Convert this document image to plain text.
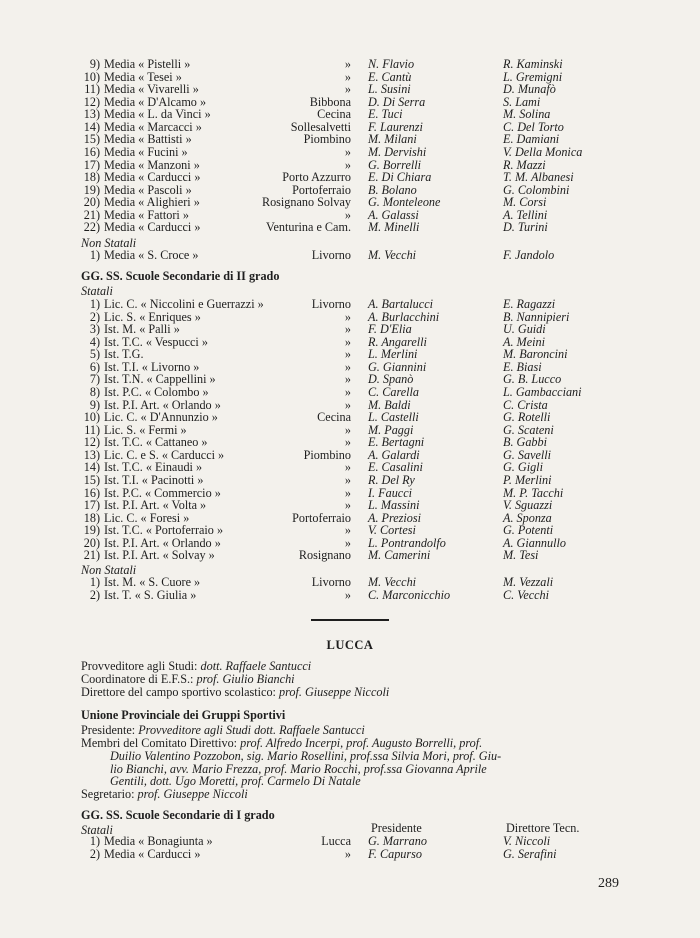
9) Media « Pistelli »	» N. Flavio	R. Kaminski
10) Media « Tesei »	» E. Cantù	L. Gremigni
11) Media « Vivarelli »	» L. Susini	D. Munafò
12) Media « D'Alcamo »	Bibbona D. Di Serra	S. Lami
13) Media « L. da Vinci »	Cecina E. Tuci	M. Solina
14) Media « Marcacci »	Sollesalvetti F. Laurenzi	C. Del Torto
15) Media « Battisti »	Piombino M. Milani	E. Damiani
16) Media « Fucini »	» M. Dervishi	V. Della Monica
17) Media « Manzoni »	» G. Borrelli	R. Mazzi
18) Media « Carducci »	Porto Azzurro E. Di Chiara	T. M. Albanesi
19) Media « Pascoli »	Portoferraio B. Bolano	G. Colombini
20) Media « Alighieri »	Rosignano Solvay G. Monteleone	M. Corsi
21) Media « Fattori »	» A. Galassi	A. Tellini
22) Media « Carducci »	Venturina e Cam. M. Minelli	D. Turini
Non Statali
1) Media « S. Croce »	Livorno M. Vecchi	F. Jandolo
GG. SS. Scuole Secondarie di II grado
Statali
1) Lic. C. « Niccolini e Guerrazzi »	Livorno A. Bartalucci	E. Ragazzi
2) Lic. S. « Enriques »	» A. Burlacchini	B. Nannipieri
3) Ist. M. « Palli »	» F. D'Elia	U. Guidi
4) Ist. T.C. « Vespucci »	» R. Angarelli	A. Meini
5) Ist. T.G.	» L. Merlini	M. Baroncini
6) Ist. T.I. « Livorno »	» G. Giannini	E. Biasi
7) Ist. T.N. « Cappellini »	» D. Spanò	G. B. Lucco
8) Ist. P.C. « Colombo »	» C. Carella	L. Gambacciani
9) Ist. P.I. Art. « Orlando »	» M. Baldi	C. Crista
10) Lic. C. « D'Annunzio »	Cecina L. Castelli	G. Rotelli
11) Lic. S. « Fermi »	» M. Paggi	G. Scateni
12) Ist. T.C. « Cattaneo »	» E. Bertagni	B. Gabbi
13) Lic. C. e S. « Carducci »	Piombino A. Galardi	G. Savelli
14) Ist. T.C. « Einaudi »	» E. Casalini	G. Gigli
15) Ist. T.I. « Pacinotti »	» R. Del Ry	P. Merlini
16) Ist. P.C. « Commercio »	» I. Faucci	M. P. Tacchi
17) Ist. P.I. Art. « Volta »	» L. Massini	V. Sguazzi
18) Lic. C. « Foresi »	Portoferraio A. Preziosi	A. Sponza
19) Ist. T.C. « Portoferraio »	» V. Cortesi	G. Potenti
20) Ist. P.I. Art. « Orlando »	» L. Pontrandolfo	A. Giannullo
21) Ist. P.I. Art. « Solvay »	Rosignano M. Camerini	M. Tesi
Non Statali
1) Ist. M. « S. Cuore »	Livorno M. Vecchi	M. Vezzali
2) Ist. T. « S. Giulia »	» C. Marconicchio	C. Vecchi
LUCCA
Provveditore agli Studi: dott. Raffaele Santucci
Coordinatore di E.F.S.: prof. Giulio Bianchi
Direttore del campo sportivo scolastico: prof. Giuseppe Niccoli
Unione Provinciale dei Gruppi Sportivi
Presidente: Provveditore agli Studi dott. Raffaele Santucci
Membri del Comitato Direttivo: prof. Alfredo Incerpi, prof. Augusto Borrelli, prof.
Duilio Valentino Pozzobon, sig. Mario Rosellini, prof.ssa Silvia Mori, prof. Giu-
lio Bianchi, avv. Mario Frezza, prof. Mario Rocchi, prof.ssa Giovanna Aprile
Gentili, dott. Ugo Moretti, prof. Carmelo Di Natale
Segretario: prof. Giuseppe Niccoli
GG. SS. Scuole Secondarie di I grado
Statali	Presidente	Direttore Tecn.
1) Media « Bonagiunta »	Lucca G. Marrano	V. Niccoli
2) Media « Carducci »	» F. Capurso	G. Serafini
289
